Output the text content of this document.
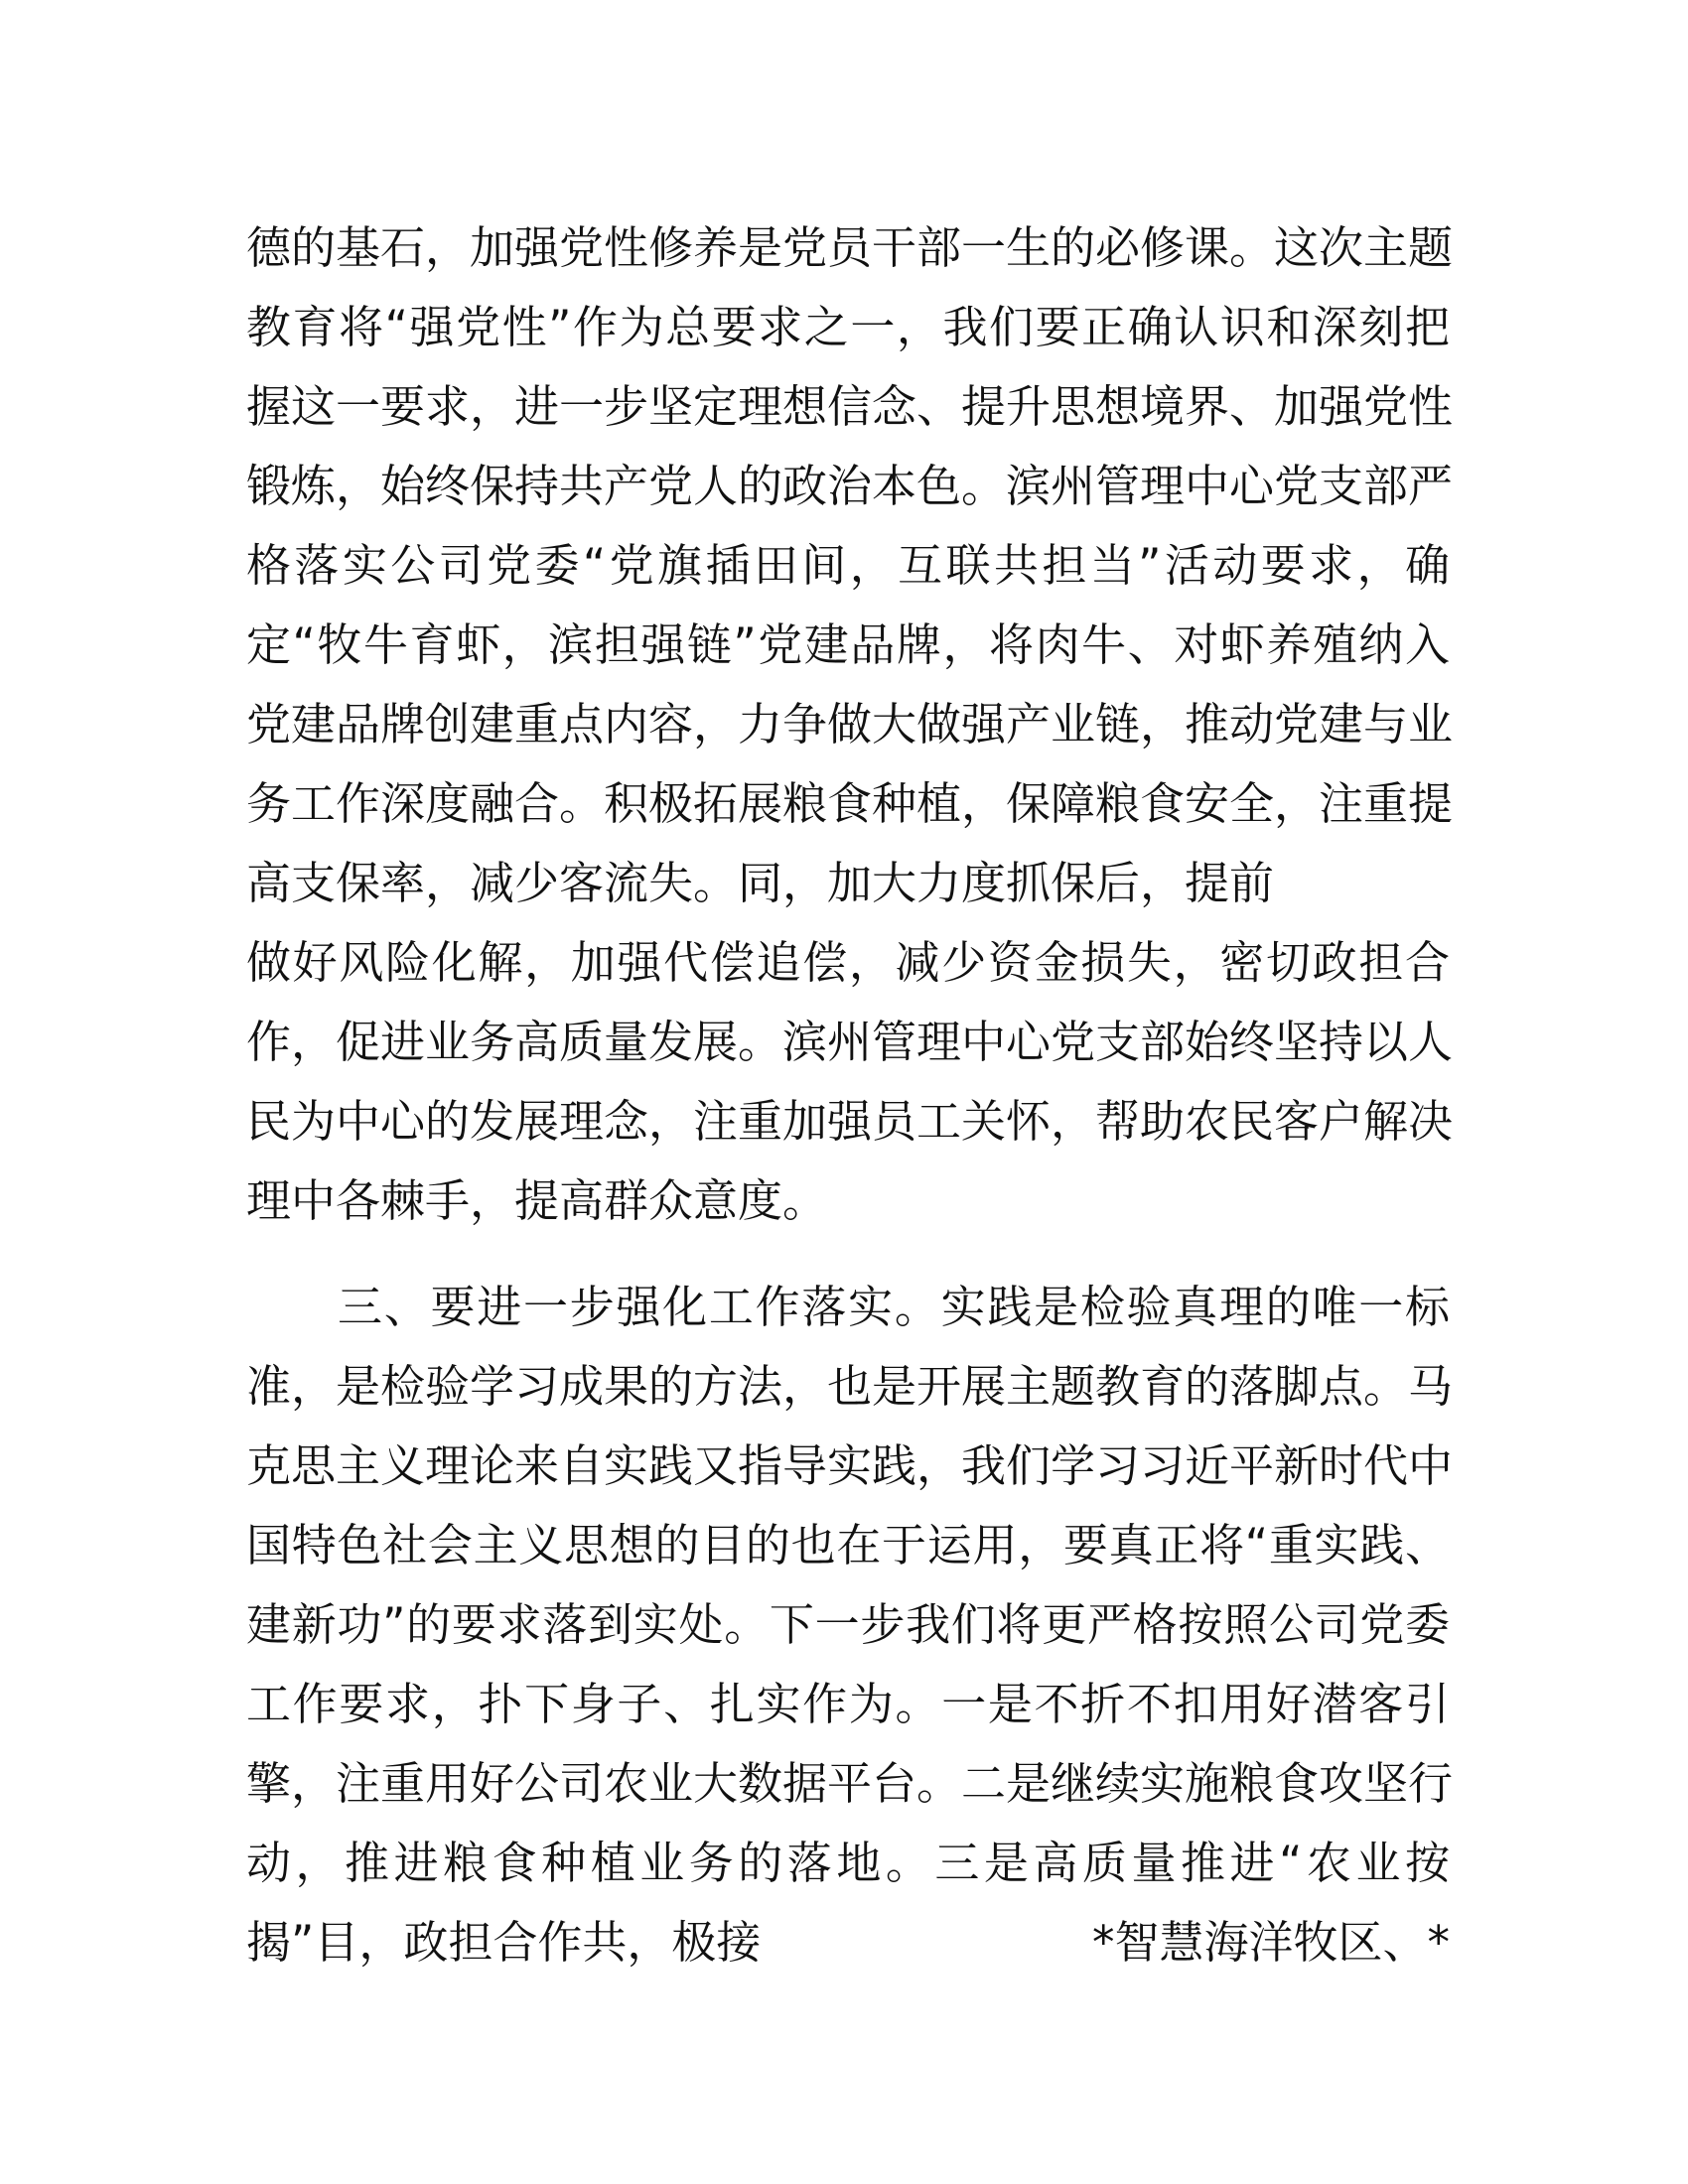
德的基石，加强党性修养是党员干部一生的必修课。这次主题
教育将“强党性”作为总要求之一，我们要正确认识和深刻把
握这一要求，进一步坚定理想信念、提升思想境界、加强党性
锻炼，始终保持共产党人的政治本色。滨州管理中心党支部严
格落实公司党委“党旗插田间，互联共担当”活动要求，确
定“牧牛育虾，滨担强链”党建品牌，将肉牛、对虾养殖纳入
党建品牌创建重点内容，力争做大做强产业链，推动党建与业
务工作深度融合。积极拓展粮食种植，保障粮食安全，注重提
高支保率，减少客流失。同，加大力度抓保后，提前
做好风险化解，加强代偿追偿，减少资金损失，密切政担合
作，促进业务高质量发展。滨州管理中心党支部始终坚持以人
民为中心的发展理念，注重加强员工关怀，帮助农民客户解决
理中各棘手，提高群众意度。
三、要进一步强化工作落实。实践是检验真理的唯一标
准，是检验学习成果的方法，也是开展主题教育的落脚点。马
克思主义理论来自实践又指导实践，我们学习习近平新时代中
国特色社会主义思想的目的也在于运用，要真正将“重实践、
建新功”的要求落到实处。下一步我们将更严格按照公司党委
工作要求，扑下身子、扎实作为。一是不折不扣用好潜客引
擎，注重用好公司农业大数据平台。二是继续实施粮食攻坚行
动，推进粮食种植业务的落地。三是高质量推进“农业按
揭”目，政担合作共，极接	*智慧海洋牧区、*
